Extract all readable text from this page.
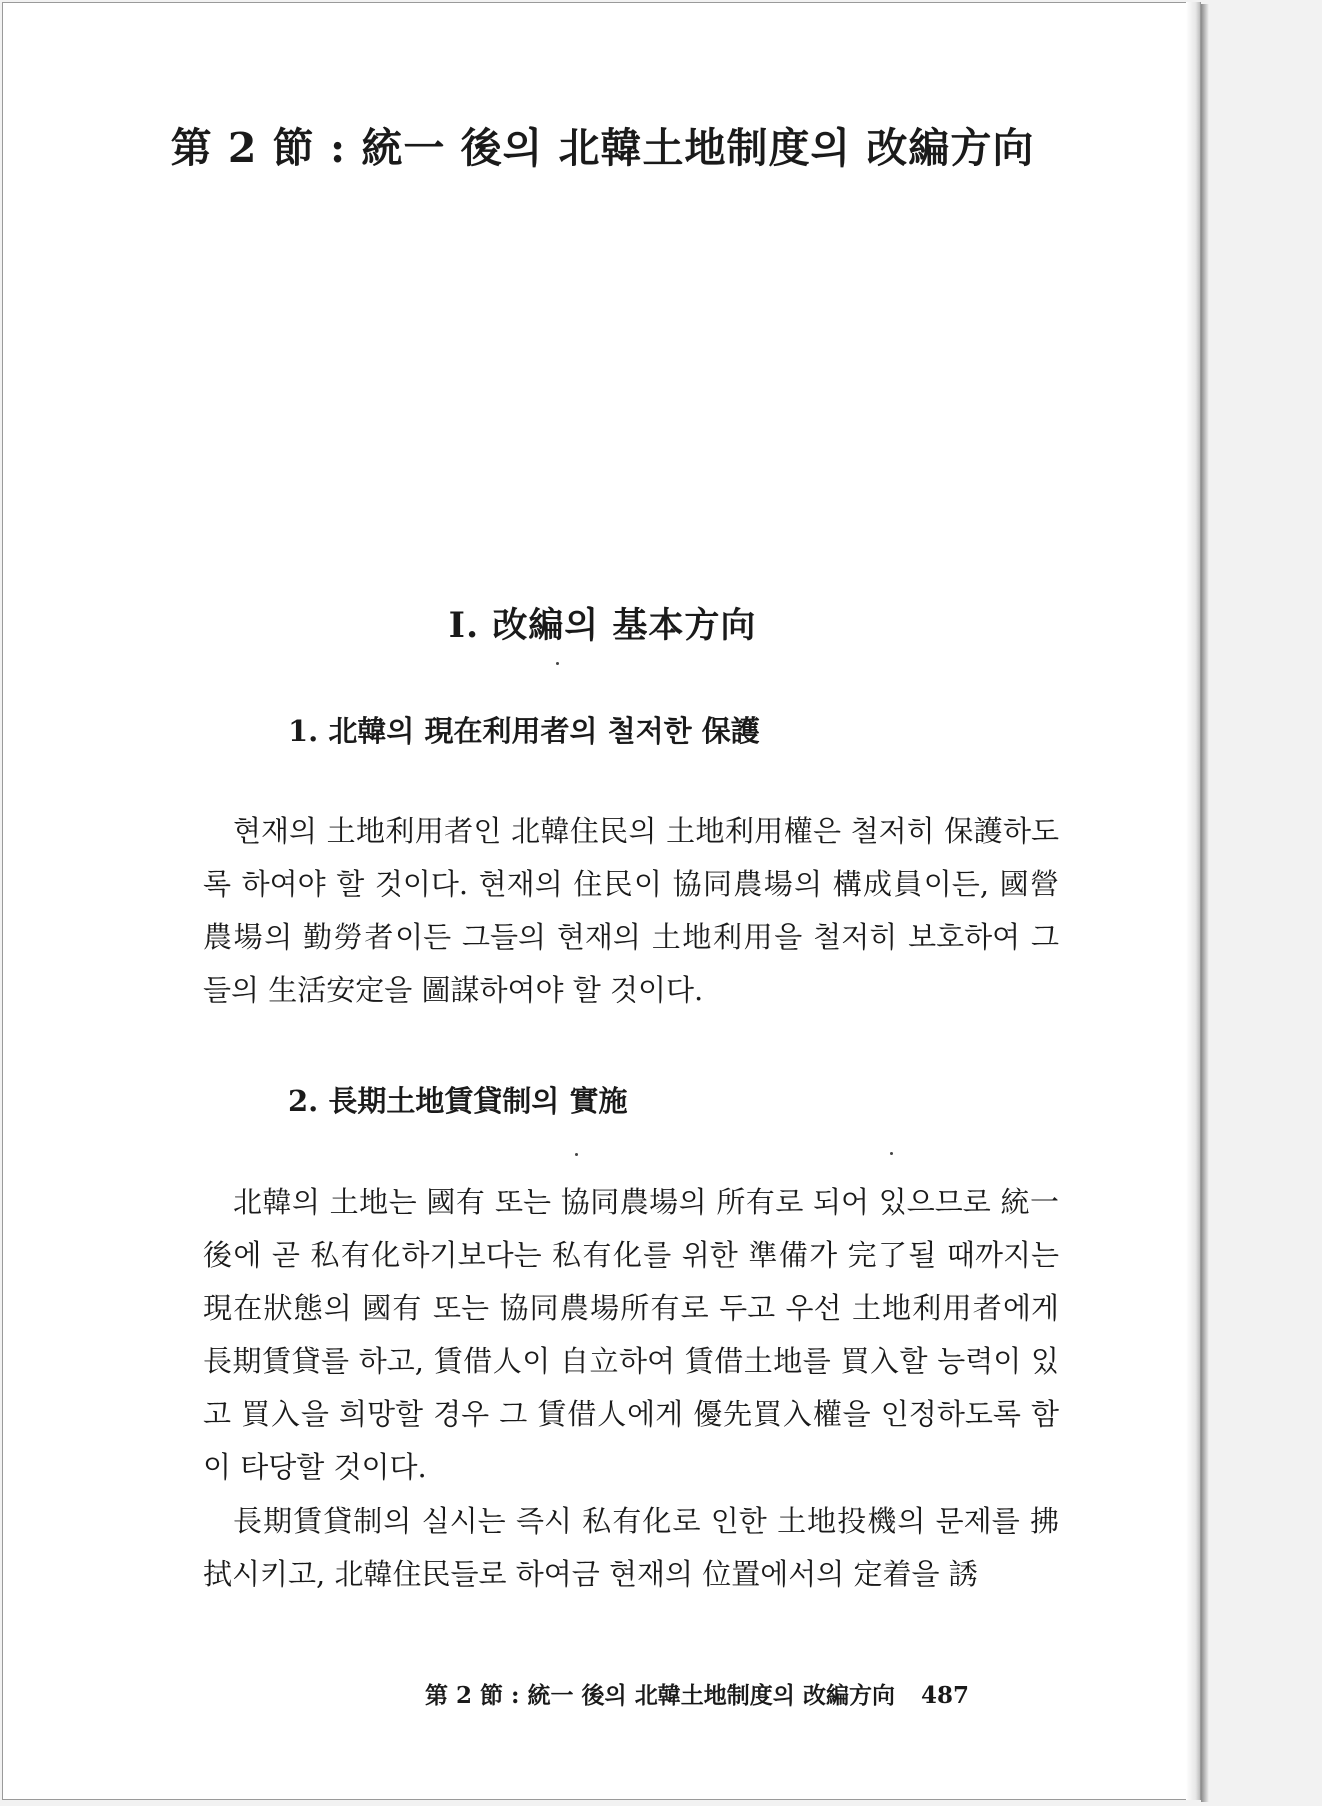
第 2 節 : 統一 後의 北韓土地制度의 改編方向
Ⅰ. 改編의 基本方向
1. 北韓의 現在利用者의 철저한 保護

현재의 土地利用者인 北韓住民의 土地利用權은 철저히 保護하도록 하여야 할 것이다. 현재의 住民이 協同農場의 構成員이든, 國營農場의 勤勞者이든 그들의 현재의 土地利用을 철저히 보호하여 그들의 生活安定을 圖謀하여야 할 것이다.

2. 長期土地賃貸制의 實施

北韓의 土地는 國有 또는 協同農場의 所有로 되어 있으므로 統一 後에 곧 私有化하기보다는 私有化를 위한 準備가 完了될 때까지는 現在狀態의 國有 또는 協同農場所有로 두고 우선 土地利用者에게 長期賃貸를 하고, 賃借人이 自立하여 賃借土地를 買入할 능력이 있고 買入을 희망할 경우 그 賃借人에게 優先買入權을 인정하도록 함이 타당할 것이다.

長期賃貸制의 실시는 즉시 私有化로 인한 土地投機의 문제를 拂拭시키고, 北韓住民들로 하여금 현재의 位置에서의 定着을 誘

第 2 節 : 統一 後의 北韓土地制度의 改編方向 487
